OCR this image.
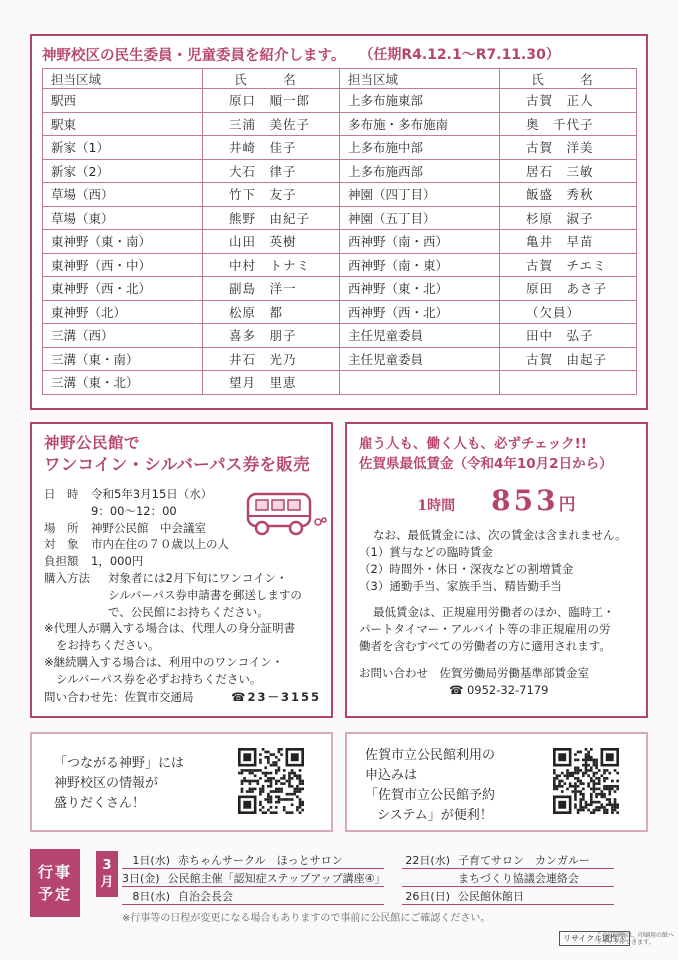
神野校区の民生委員・児童委員を紹介します。 （任期R4.12.1～R7.11.30）
担当区域	氏　名	担当区域	氏　名
駅西	原口　順一郎	上多布施東部	古賀　正人
駅東	三浦　美佐子	多布施・多布施南	奥　千代子
新家（1）	井崎　佳子	上多布施中部	古賀　洋美
新家（2）	大石　律子	上多布施西部	居石　三敏
草場（西）	竹下　友子	神園（四丁目）	飯盛　秀秋
草場（東）	熊野　由紀子	神園（五丁目）	杉原　淑子
東神野（東・南）	山田　英樹	西神野（南・西）	亀井　早苗
東神野（西・中）	中村　トナミ	西神野（南・東）	古賀　チエミ
東神野（西・北）	副島　洋一	西神野（東・北）	原田　あさ子
東神野（北）	松原　都	西神野（西・北）	（欠員）
三溝（西）	喜多　朋子	主任児童委員	田中　弘子
三溝（東・南）	井石　光乃	主任児童委員	古賀　由起子
三溝（東・北）	望月　里恵		
神野公民館で
ワンコイン・シルバーパス券を販売
日　時	令和5年3月15日（水）
9：00～12：00
場　所	神野公民館　中会議室
対　象	市内在住の７０歳以上の人
負担額	1，000円
購入方法	対象者には2月下旬にワンコイン・
シルバーパス券申請書を郵送しますの
で、公民館にお持ちください。
※代理人が購入する場合は、代理人の身分証明書
をお持ちください。
※継続購入する場合は、利用中のワンコイン・
シルバーパス券を必ずお持ちください。
問い合わせ先：佐賀市交通局	☎23－3155
雇う人も、働く人も、必ずチェック!!
佐賀県最低賃金（令和4年10月2日から）
1時間 853 円

なお、最低賃金には、次の賃金は含まれません。

（1）賞与などの臨時賃金

（2）時間外・休日・深夜などの割増賃金

（3）通勤手当、家族手当、精皆勤手当

最低賃金は、正規雇用労働者のほか、臨時工・

パートタイマー・アルバイト等の非正規雇用の労

働者を含むすべての労働者の方に適用されます。

お問い合わせ　佐賀労働局労働基準部賃金室

☎ 0952-32-7179

「つながる神野」には
神野校区の情報が
盛りだくさん！
佐賀市立公民館利用の
申込みは
「佐賀市立公民館予約
システム」が便利！
行事
予定
3
月
1日(水) 赤ちゃんサークル　ほっとサロン
3日(金) 公民館主催「認知症ステップアップ講座④」
8日(水) 自治会長会
22日(水) 子育てサロン　カンガルー
まちづくり協議会連絡会
26日(日) 公民館休館日
※行事等の日程が変更になる場合もありますので事前に公民館にご確認ください。
リサイクル適性Ⓐ
この印刷物は、印刷用の紙へ
リサイクルできます。
